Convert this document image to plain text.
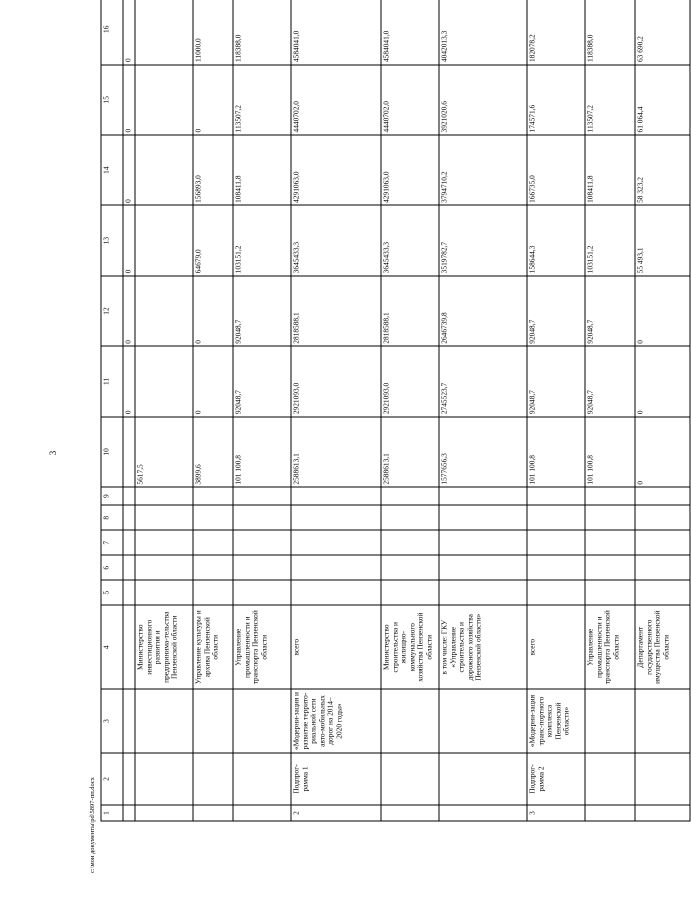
3
1	2	3	4	5	6	7	8	9	10	11	12	13	14	15	16
										0	0	0	0	0	0
			Министерство инвестиционного развития и предпринима-тельства Пензенской области						5617,5						
			Управление культуры и архива Пензенской области						3899,6	0	0	64679,0	156893,0	0	11000,0
			Управление промышленности и транспорта Пензенской области						101 100,8	92048,7	92048,7	103151,2	108411,8	113507,2	118388,0
2	Подпрог-рамма 1	«Модерни-зация и развитие террито-риальной сети авто-мобильных дорог на 2014–2020 годы»	всего						2588613,1	2921093,0	2818588,1	3645433,3	4291063,0	4440702,0	4584041,0
			Министерство строительства и жилищно-коммунального хозяйства Пензенской области						2588613,1	2921093,0	2818588,1	3645433,3	4291063,0	4440702,0	4584041,0
			в том числе: ГКУ «Управление строительства и дорожного хозяйства Пензенской области»						1577656,3	2745523,7	2646739,8	3519782,7	3794710,2	3921020,6	4042013,3
3	Подпрог-рамма 2	«Модерни-зация транс-портного комплекса Пензенской области»	всего						101 100,8	92048,7	92048,7	158644,3	166735,0	174571,6	182078,2
			Управление промышленности и транспорта Пензенской области						101 100,8	92048,7	92048,7	103151,2	108411,8	113507,2	118388,0
			Департамент государственного имущества Пензенской области						0	0	0	55 493,1	58 323,2	61 064,4	63 690,2
c:\мои документы\pd\5897-пп.docx
